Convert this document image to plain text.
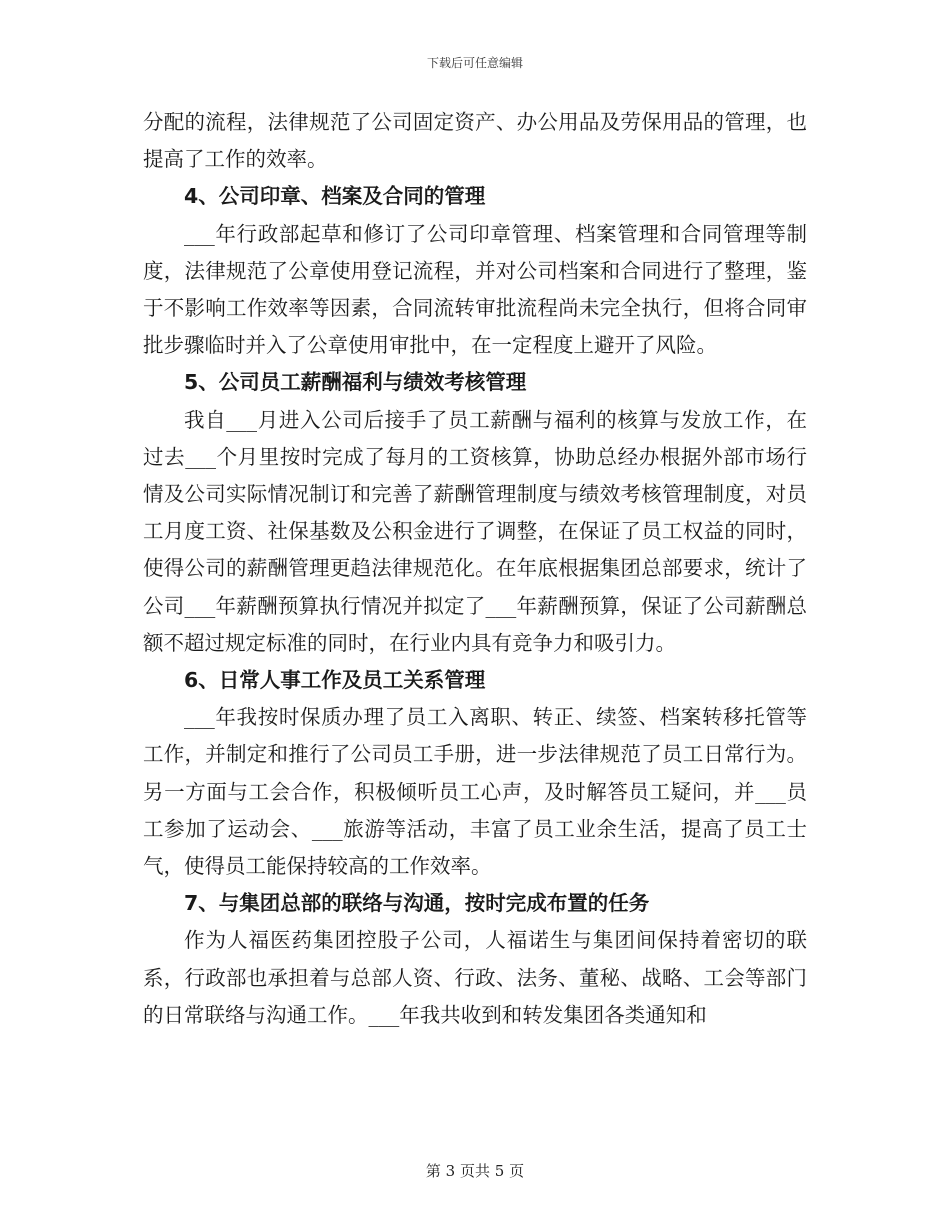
下载后可任意编辑

分配的流程，法律规范了公司固定资产、办公用品及劳保用品的管理，也提高了工作的效率。

4、公司印章、档案及合同的管理

___年行政部起草和修订了公司印章管理、档案管理和合同管理等制度，法律规范了公章使用登记流程，并对公司档案和合同进行了整理，鉴于不影响工作效率等因素，合同流转审批流程尚未完全执行，但将合同审批步骤临时并入了公章使用审批中，在一定程度上避开了风险。

5、公司员工薪酬福利与绩效考核管理

我自___月进入公司后接手了员工薪酬与福利的核算与发放工作，在过去___个月里按时完成了每月的工资核算，协助总经办根据外部市场行情及公司实际情况制订和完善了薪酬管理制度与绩效考核管理制度，对员工月度工资、社保基数及公积金进行了调整，在保证了员工权益的同时，使得公司的薪酬管理更趋法律规范化。在年底根据集团总部要求，统计了公司___年薪酬预算执行情况并拟定了___年薪酬预算，保证了公司薪酬总额不超过规定标准的同时，在行业内具有竞争力和吸引力。

6、日常人事工作及员工关系管理

___年我按时保质办理了员工入离职、转正、续签、档案转移托管等工作，并制定和推行了公司员工手册，进一步法律规范了员工日常行为。另一方面与工会合作，积极倾听员工心声，及时解答员工疑问，并___员工参加了运动会、___旅游等活动，丰富了员工业余生活，提高了员工士气，使得员工能保持较高的工作效率。

7、与集团总部的联络与沟通，按时完成布置的任务

作为人福医药集团控股子公司，人福诺生与集团间保持着密切的联系，行政部也承担着与总部人资、行政、法务、董秘、战略、工会等部门的日常联络与沟通工作。___年我共收到和转发集团各类通知和

第 3 页共 5 页
